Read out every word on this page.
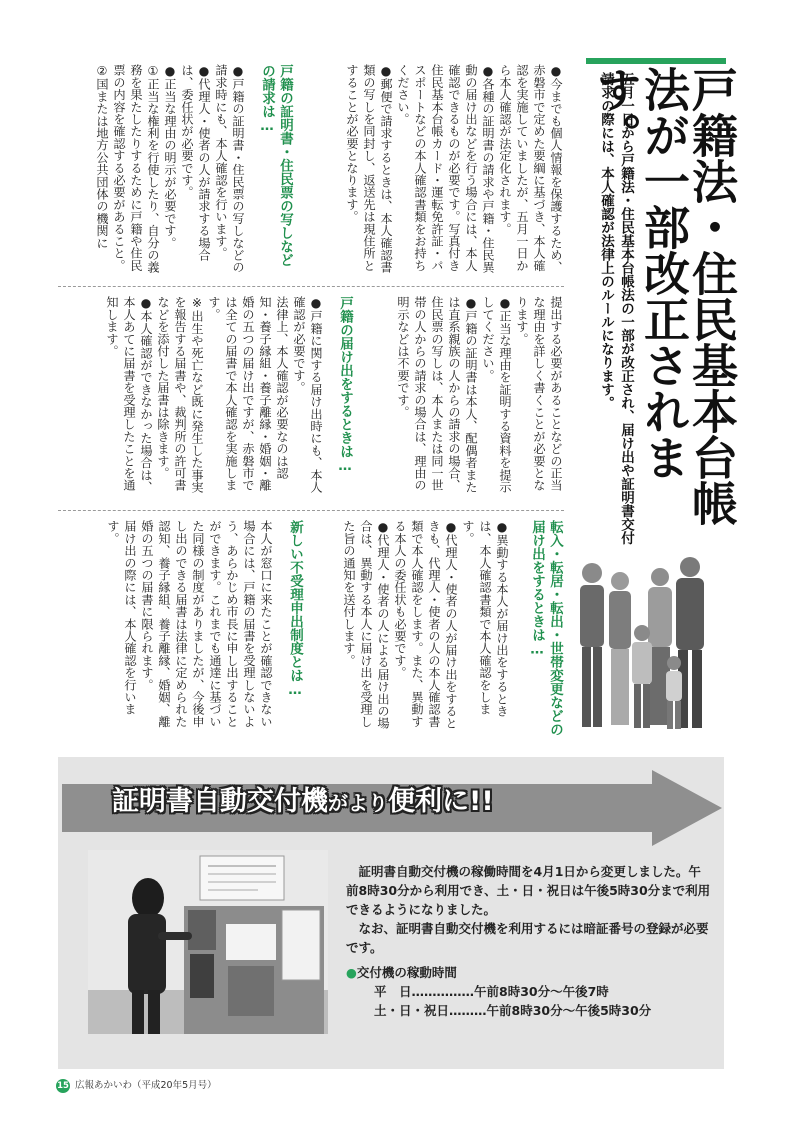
戸籍法・住民基本台帳法が一部改正されます。
五月一日から戸籍法・住民基本台帳法の一部が改正され、届け出や証明書交付請求の際には、本人確認が法律上のルールになります。

●今までも個人情報を保護するため、赤磐市で定めた要綱に基づき、本人確認を実施していましたが、五月一日から本人確認が法定化されます。

●各種の証明書の請求や戸籍・住民異動の届け出などを行う場合には、本人確認できるものが必要です。写真付き住民基本台帳カード・運転免許証・パスポートなどの本人確認書類をお持ちください。

●郵便で請求するときは、本人確認書類の写しを同封し、返送先は現住所とすることが必要となります。

戸籍の証明書・住民票の写しなどの請求は…

●戸籍の証明書・住民票の写しなどの請求時にも、本人確認を行います。

●代理人・使者の人が請求する場合は、委任状が必要です。

●正当な理由の明示が必要です。

①正当な権利を行使したり、自分の義務を果たしたりするために戸籍や住民票の内容を確認する必要があること。

②国または地方公共団体の機関に

提出する必要があることなどの正当な理由を詳しく書くことが必要となります。

●正当な理由を証明する資料を提示してください。

●戸籍の証明書は本人、配偶者または直系親族の人からの請求の場合、住民票の写しは、本人または同一世帯の人からの請求の場合は、理由の明示などは不要です。

戸籍の届け出をするときは…

●戸籍に関する届け出時にも、本人確認が必要です。

法律上、本人確認が必要なのは認知・養子縁組・養子離縁・婚姻・離婚の五つの届け出ですが、赤磐市では全ての届書で本人確認を実施します。

※出生や死亡など既に発生した事実を報告する届書や、裁判所の許可書などを添付した届書は除きます。

●本人確認ができなかった場合は、本人あてに届書を受理したことを通知します。

転入・転居・転出・世帯変更などの届け出をするときは…

●異動する本人が届け出をするときは、本人確認書類で本人確認をします。

●代理人・使者の人が届け出をするときも、代理人・使者の人の本人確認書類で本人確認をします。また、異動する本人の委任状も必要です。

●代理人・使者の人による届け出の場合は、異動する本人に届け出を受理した旨の通知を送付します。

新しい不受理申出制度とは…

本人が窓口に来たことが確認できない場合には、戸籍の届書を受理しないよう、あらかじめ市長に申し出することができます。これまでも通達に基づいた同様の制度がありましたが、今後申し出のできる届書は法律に定められた認知、養子縁組、養子離縁、婚姻、離婚の五つの届書に限られます。

届け出の際には、本人確認を行います。

証明書自動交付機がより便利に!!

証明書自動交付機の稼働時間を4月1日から変更しました。午前8時30分から利用でき、土・日・祝日は午後5時30分まで利用できるようになりました。

なお、証明書自動交付機を利用するには暗証番号の登録が必要です。

●交付機の稼動時間

平　日……………午前8時30分～午後7時

土・日・祝日………午前8時30分～午後5時30分

15 広報あかいわ（平成20年5月号）
